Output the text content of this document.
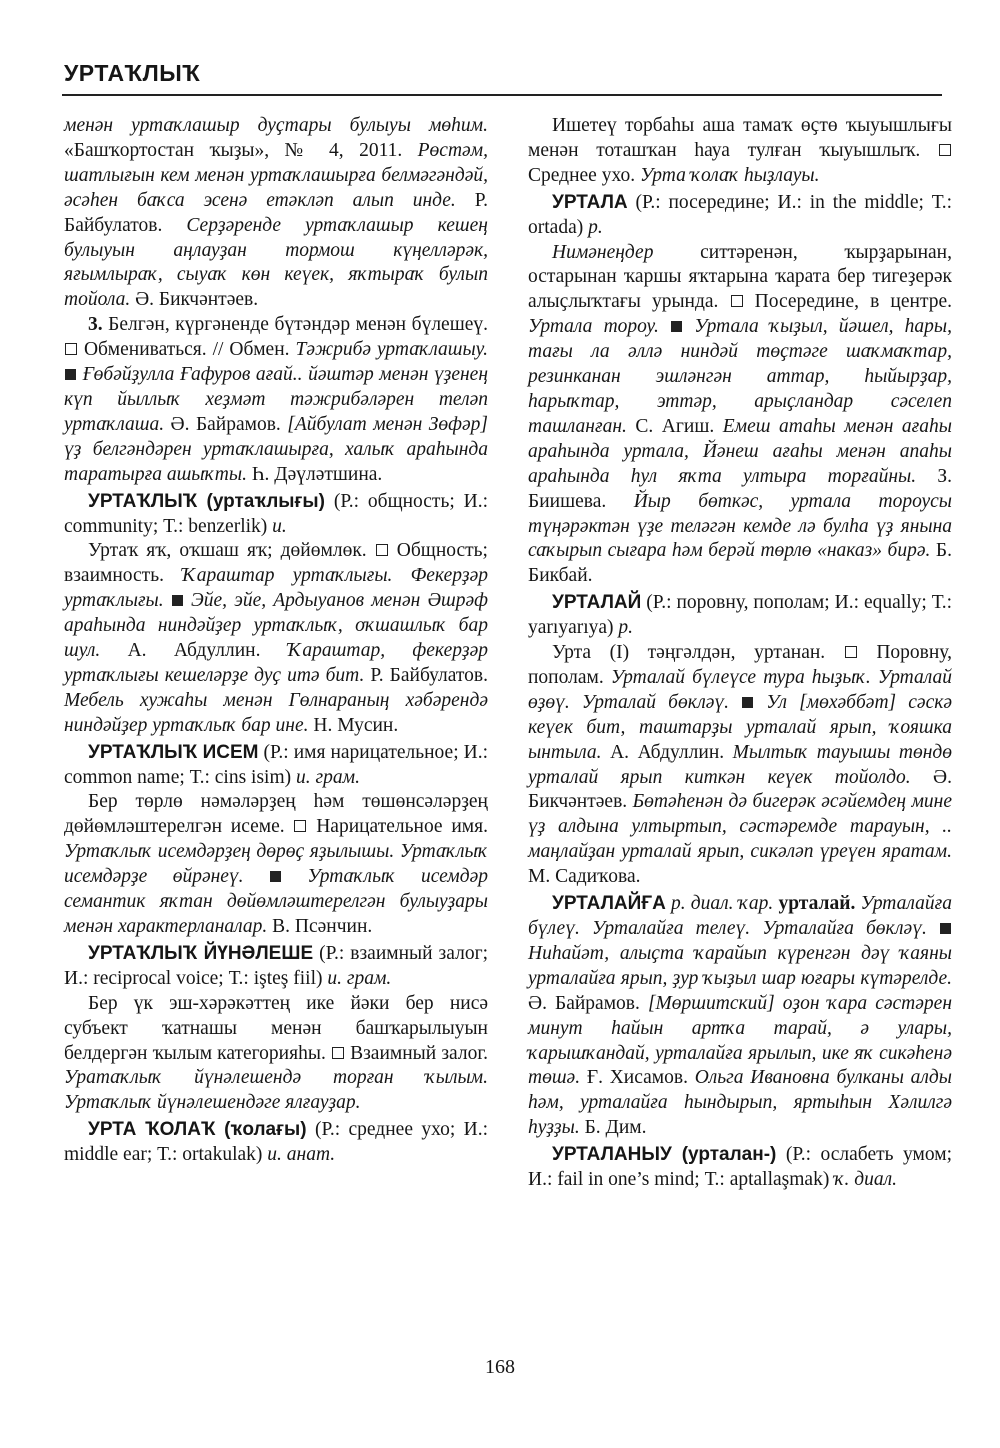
УРТАҠЛЫҠ

менән уртаҡлашыр дуҫтары булыуы мөһим. «Башҡортостан ҡыҙы», № 4, 2011. Рөстәм, шатлығын кем менән уртаҡлашырға белмәгәндәй, әсәһен баҡса эсенә етәкләп алып инде. Р. Байбулатов. Серҙәренде уртаҡлашыр кешең булыуын аңлауҙан тормош күңелләрәк, яғымлыраҡ, сыуаҡ көн кеүек, яҡтыраҡ булып тойола. Ә. Бикчәнтәев.

3. Белгән, күргәненде бүтәндәр менән бүлешеү.  Обмениваться. // Обмен. Тәжрибә уртаҡлашыу.  Ғөбәйҙулла Ғафуров ағай.. йәштәр менән үҙенең күп йыллыҡ хеҙмәт тәжрибәләрен теләп уртаҡлаша. Ә. Байрамов. [Айбулат менән Зөфәр] үҙ белгәндәрен уртаҡлашырға, халыҡ араһында таратырға ашыҡты. Һ. Дәүләтшина.

УРТАҠЛЫҠ (уртаҡлығы) (Р.: общность; И.: community; Т.: benzerlik) и.

Уртаҡ яҡ, оҡшаш яҡ; дөйөмлөк.  Общность; взаимность. Ҡараштар уртаҡлығы. Фекерҙәр уртаҡлығы. Эйе, эйе, Ардыуанов менән Әшрәф араһында ниндәйҙер уртаҡлыҡ, оҡшашлыҡ бар шул. А. Абдуллин. Ҡараштар, фекерҙәр уртаҡлығы кешеләрҙе дуҫ итә бит. Р. Байбулатов. Мебель хужаһы менән Гөлнараның хәбәрендә ниндәйҙер уртаҡлыҡ бар ине. Н. Мусин.

УРТАҠЛЫҠ ИСЕМ (Р.: имя нарицательное; И.: common name; Т.: cins isim) и. грам.

Бер төрлө нәмәләрҙең һәм төшөнсәләрҙең дөйөмләштерелгән исеме.  Нарицательное имя. Уртаҡлыҡ исемдәрҙең дөрөҫ яҙылышы. Уртаҡлыҡ исемдәрҙе өйрәнеү.	Уртаҡлыҡ исемдәр семантик яҡтан дөйөмләштерелгән булыуҙары менән характерланалар. В. Псәнчин.

УРТАҠЛЫҠ ЙҮНӘЛЕШЕ (Р.: взаимный залог; И.: reciprocal voice; Т.: işteş fiil) и. грам.

Бер үк эш-хәрәкәттең ике йәки бер нисә субъект ҡатнашы менән башҡарылыуын белдергән ҡылым категорияһы.  Взаимный залог. Уратаҡлыҡ йүнәлешендә торған ҡылым. Уртаҡлыҡ йүнәлешендәге ялғауҙар.

УРТА ҠОЛАҠ (ҡолағы) (Р.: среднее ухо; И.: middle ear; Т.: ortakulak) и. анат.

Ишетеү торбаһы аша тамаҡ өҫтө ҡыуышлығы менән тоташҡан һауа тулған ҡыуышлыҡ.  Среднее ухо. Урта ҡолаҡ һыҙлауы.

УРТАЛА (Р.: посередине; И.: in the middle; Т.: ortada) р.

Нимәнеңдер ситтәренән, ҡырҙарынан, остарынан ҡаршы яҡтарына ҡарата бер тигеҙерәк алыҫлыҡтағы урында.  Посередине, в центре. Уртала тороу. Уртала ҡыҙыл, йәшел, һары, тағы ла әллә ниндәй төҫтәге шаҡмаҡтар, резинканан эшләнгән аттар, һыйырҙар, һарыҡтар, эттәр, арыҫландар сәселеп ташланған. С. Агиш. Емеш атаһы менән ағаһы араһында уртала, Йәнеш ағаһы менән апаһы араһында һул яҡта ултыра торғайны. З. Биишева. Йыр бөткәс, уртала тороусы түңәрәктән үҙе теләгән кемде лә булһа үҙ янына саҡырып сығара һәм берәй төрлө «наказ» бирә. Б. Бикбай.

УРТАЛАЙ (Р.: поровну, пополам; И.: equally; Т.: yarıyarıya) р.

Урта (I) тәңгәлдән, уртанан.  Поровну, пополам. Урталай бүлеүсе тура һыҙыҡ. Урталай өҙөү. Урталай бөкләү. Ул [мөхәббәт] сәскә кеүек бит, таштарҙы урталай ярып, ҡояшка ынтыла. А. Абдуллин. Мылтыҡ тауышы төндө урталай ярып киткән кеүек тойолдо. Ә. Бикчәнтәев. Бөтәһенән дә бигерәк әсәйемдең мине үҙ алдына ултыртып, сәстәремде тарауын, .. маңлайҙан урталай ярып, сикәләп үреүен яратам. М. Садиҡова.

УРТАЛАЙҒА р. диал. ҡар. урталай. Урталайға бүлеү. Урталайға телеү. Урталайға бөкләү.  Ниһайәт, алыҫта ҡарайып күренгән дәү ҡаяны урталайға ярып, ҙур ҡыҙыл шар юғары күтәрелде. Ә. Байрамов. [Мөршитский] оҙон ҡара сәстәрен минут һайын артҡа тарай, ә улары, ҡарышҡандай, урталайға ярылып, ике яҡ сикәһенә төшә. Ғ. Хисамов. Ольга Ивановна булканы алды һәм, урталайға һындырып, яртыһын Хәлилгә һуҙҙы. Б. Дим.

УРТАЛАНЫУ (урталан-) (Р.: ослабеть умом; И.: fail in one’s mind; Т.: aptallaşmak) ҡ. диал.

168
